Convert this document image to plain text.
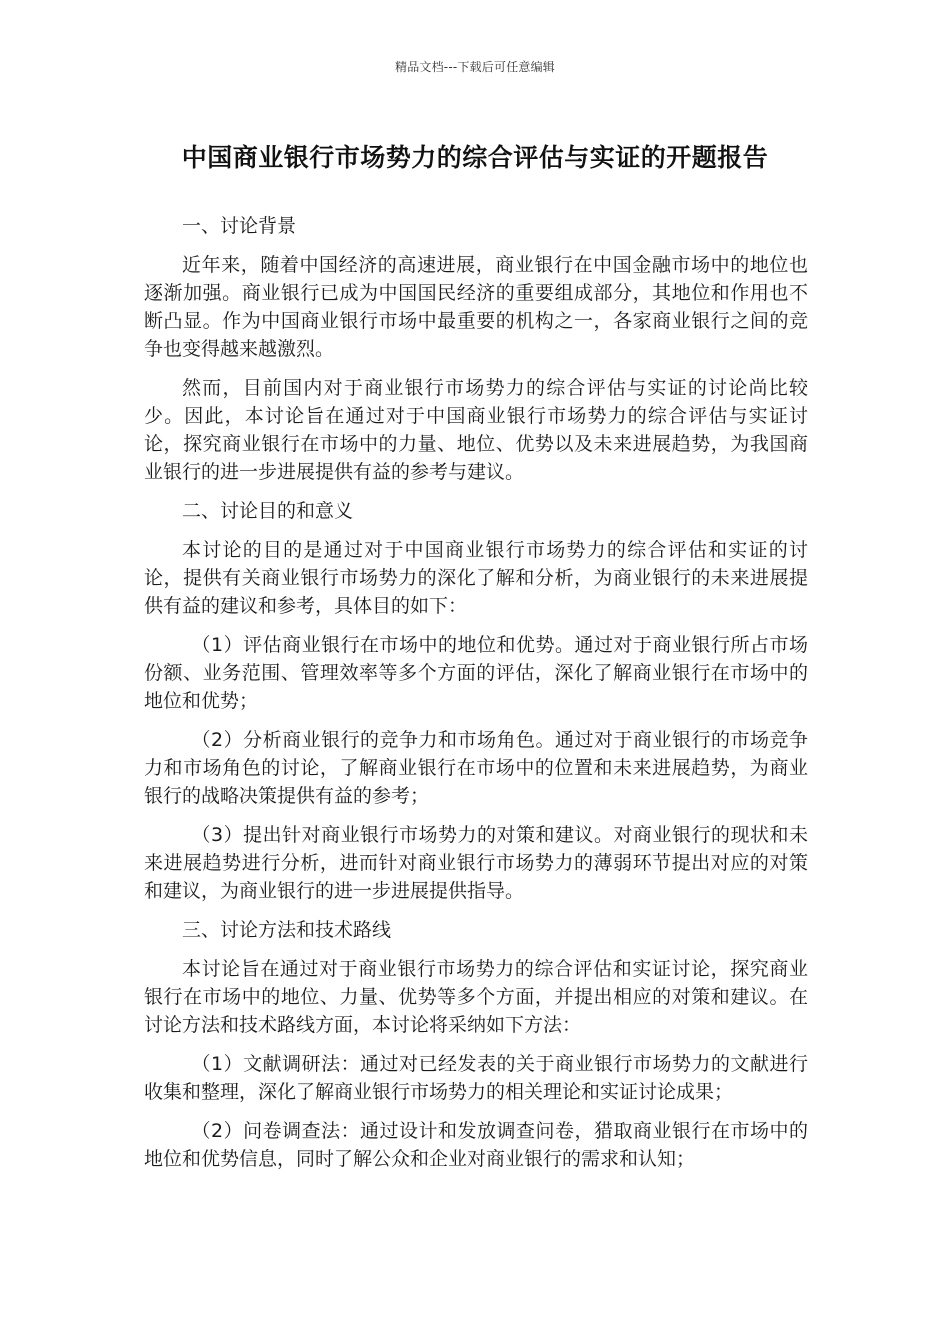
精品文档---下载后可任意编辑
中国商业银行市场势力的综合评估与实证的开题报告

一、讨论背景

近年来，随着中国经济的高速进展，商业银行在中国金融市场中的地位也逐渐加强。商业银行已成为中国国民经济的重要组成部分，其地位和作用也不断凸显。作为中国商业银行市场中最重要的机构之一，各家商业银行之间的竞争也变得越来越激烈。

然而，目前国内对于商业银行市场势力的综合评估与实证的讨论尚比较少。因此，本讨论旨在通过对于中国商业银行市场势力的综合评估与实证讨论，探究商业银行在市场中的力量、地位、优势以及未来进展趋势，为我国商业银行的进一步进展提供有益的参考与建议。

二、讨论目的和意义

本讨论的目的是通过对于中国商业银行市场势力的综合评估和实证的讨论，提供有关商业银行市场势力的深化了解和分析，为商业银行的未来进展提供有益的建议和参考，具体目的如下：

（1）评估商业银行在市场中的地位和优势。通过对于商业银行所占市场份额、业务范围、管理效率等多个方面的评估，深化了解商业银行在市场中的地位和优势；

（2）分析商业银行的竞争力和市场角色。通过对于商业银行的市场竞争力和市场角色的讨论，了解商业银行在市场中的位置和未来进展趋势，为商业银行的战略决策提供有益的参考；

（3）提出针对商业银行市场势力的对策和建议。对商业银行的现状和未来进展趋势进行分析，进而针对商业银行市场势力的薄弱环节提出对应的对策和建议，为商业银行的进一步进展提供指导。

三、讨论方法和技术路线

本讨论旨在通过对于商业银行市场势力的综合评估和实证讨论，探究商业银行在市场中的地位、力量、优势等多个方面，并提出相应的对策和建议。在讨论方法和技术路线方面，本讨论将采纳如下方法：

（1）文献调研法：通过对已经发表的关于商业银行市场势力的文献进行收集和整理，深化了解商业银行市场势力的相关理论和实证讨论成果；

（2）问卷调查法：通过设计和发放调查问卷，猎取商业银行在市场中的地位和优势信息，同时了解公众和企业对商业银行的需求和认知；
